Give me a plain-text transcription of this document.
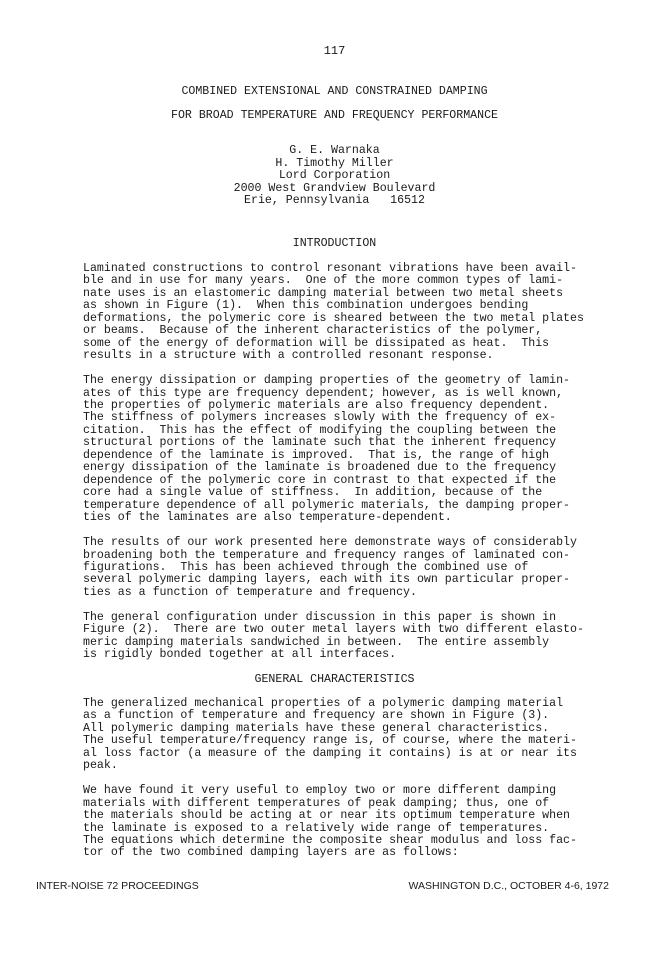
117
COMBINED EXTENSIONAL AND CONSTRAINED DAMPING
FOR BROAD TEMPERATURE AND FREQUENCY PERFORMANCE
G. E. Warnaka
H. Timothy Miller
Lord Corporation
2000 West Grandview Boulevard
Erie, Pennsylvania   16512
INTRODUCTION

Laminated constructions to control resonant vibrations have been avail-
ble and in use for many years.  One of the more common types of lami-
nate uses is an elastomeric damping material between two metal sheets
as shown in Figure (1).  When this combination undergoes bending
deformations, the polymeric core is sheared between the two metal plates
or beams.  Because of the inherent characteristics of the polymer,
some of the energy of deformation will be dissipated as heat.  This
results in a structure with a controlled resonant response.

The energy dissipation or damping properties of the geometry of lamin-
ates of this type are frequency dependent; however, as is well known,
the properties of polymeric materials are also frequency dependent.
The stiffness of polymers increases slowly with the frequency of ex-
citation.  This has the effect of modifying the coupling between the
structural portions of the laminate such that the inherent frequency
dependence of the laminate is improved.  That is, the range of high
energy dissipation of the laminate is broadened due to the frequency
dependence of the polymeric core in contrast to that expected if the
core had a single value of stiffness.  In addition, because of the
temperature dependence of all polymeric materials, the damping proper-
ties of the laminates are also temperature-dependent.

The results of our work presented here demonstrate ways of considerably
broadening both the temperature and frequency ranges of laminated con-
figurations.  This has been achieved through the combined use of
several polymeric damping layers, each with its own particular proper-
ties as a function of temperature and frequency.

The general configuration under discussion in this paper is shown in
Figure (2).  There are two outer metal layers with two different elasto-
meric damping materials sandwiched in between.  The entire assembly
is rigidly bonded together at all interfaces.

GENERAL CHARACTERISTICS

The generalized mechanical properties of a polymeric damping material
as a function of temperature and frequency are shown in Figure (3).
All polymeric damping materials have these general characteristics.
The useful temperature/frequency range is, of course, where the materi-
al loss factor (a measure of the damping it contains) is at or near its
peak.

We have found it very useful to employ two or more different damping
materials with different temperatures of peak damping; thus, one of
the materials should be acting at or near its optimum temperature when
the laminate is exposed to a relatively wide range of temperatures.
The equations which determine the composite shear modulus and loss fac-
tor of the two combined damping layers are as follows:

INTER-NOISE 72 PROCEEDINGS	WASHINGTON D.C., OCTOBER 4-6, 1972
